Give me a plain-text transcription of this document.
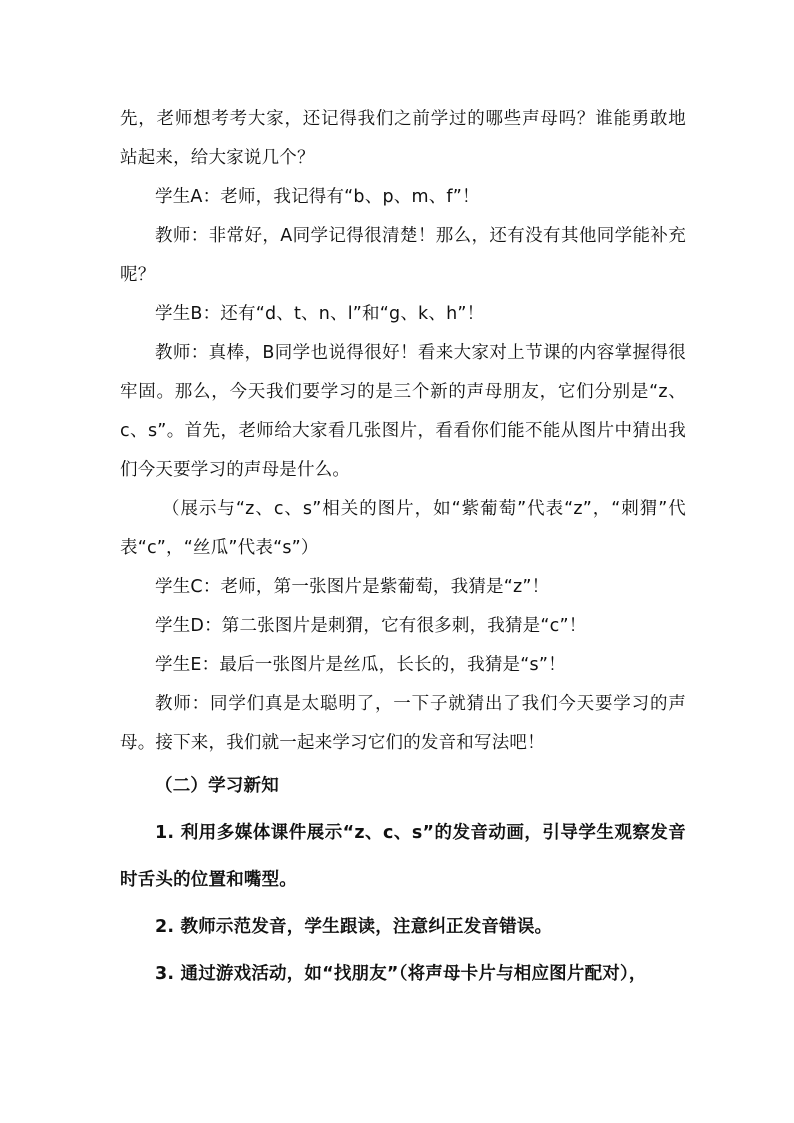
先，老师想考考大家，还记得我们之前学过的哪些声母吗？谁能勇敢地站起来，给大家说几个？

学生A：老师，我记得有“b、p、m、f”！

教师：非常好，A同学记得很清楚！那么，还有没有其他同学能补充呢？

学生B：还有“d、t、n、l”和“g、k、h”！

教师：真棒，B同学也说得很好！看来大家对上节课的内容掌握得很牢固。那么，今天我们要学习的是三个新的声母朋友，它们分别是“z、c、s”。首先，老师给大家看几张图片，看看你们能不能从图片中猜出我们今天要学习的声母是什么。

（展示与“z、c、s”相关的图片，如“紫葡萄”代表“z”，“刺猬”代表“c”，“丝瓜”代表“s”）

学生C：老师，第一张图片是紫葡萄，我猜是“z”！

学生D：第二张图片是刺猬，它有很多刺，我猜是“c”！

学生E：最后一张图片是丝瓜，长长的，我猜是“s”！

教师：同学们真是太聪明了，一下子就猜出了我们今天要学习的声母。接下来，我们就一起来学习它们的发音和写法吧！

（二）学习新知

1. 利用多媒体课件展示“z、c、s”的发音动画，引导学生观察发音时舌头的位置和嘴型。

2. 教师示范发音，学生跟读，注意纠正发音错误。

3. 通过游戏活动，如“找朋友”（将声母卡片与相应图片配对），
